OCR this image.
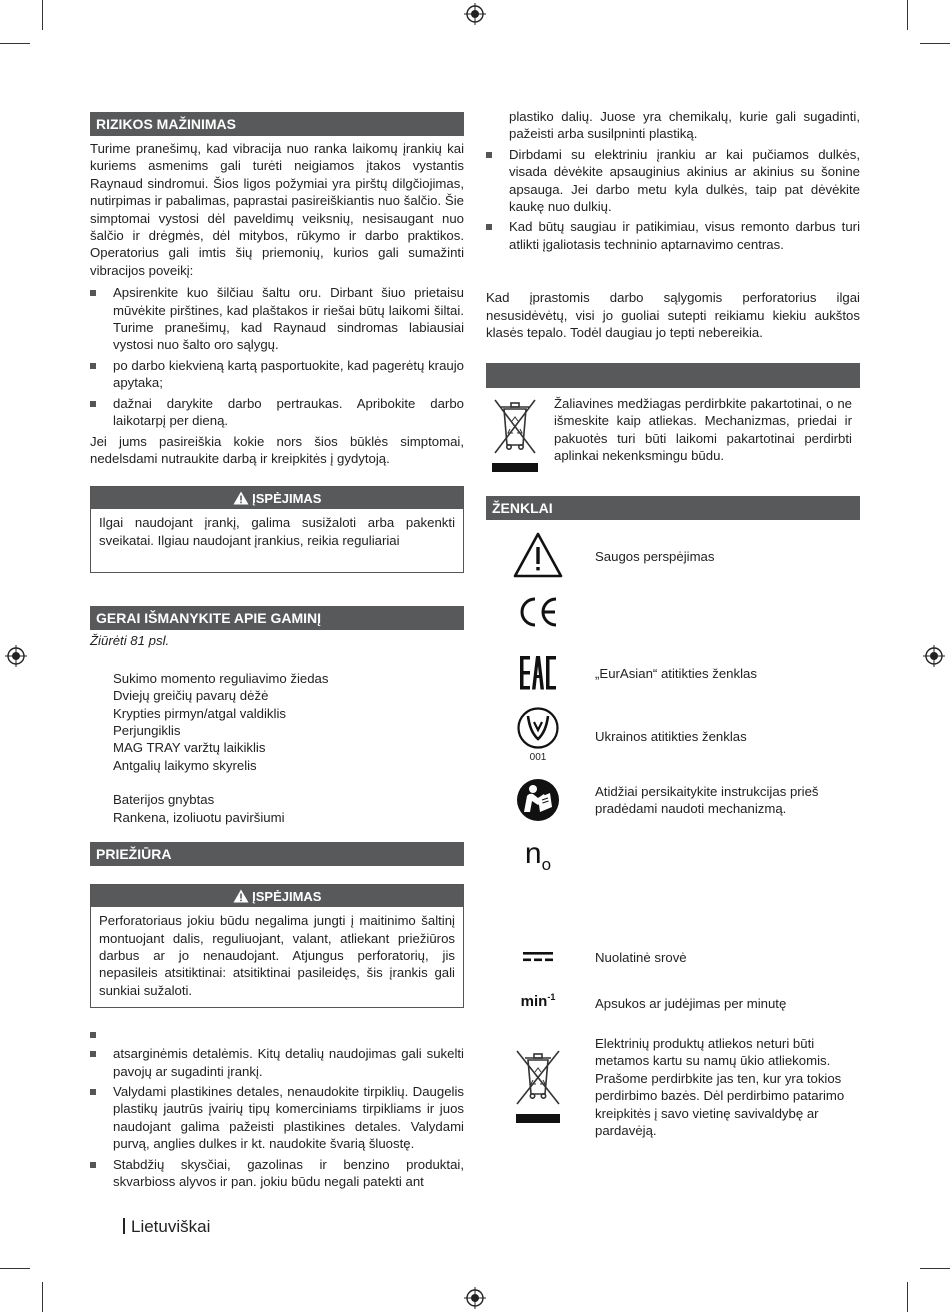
RIZIKOS MAŽINIMAS

Turime pranešimų, kad vibracija nuo ranka laikomų įrankių kai kuriems asmenims gali turėti neigiamos įtakos vystantis Raynaud sindromui. Šios ligos požymiai yra pirštų dilgčiojimas, nutirpimas ir pabalimas, paprastai pasireiškiantis nuo šalčio. Šie simptomai vystosi dėl paveldimų veiksnių, nesisaugant nuo šalčio ir drėgmės, dėl mitybos, rūkymo ir darbo praktikos. Operatorius gali imtis šių priemonių, kurios gali sumažinti vibracijos poveikį:

Apsirenkite kuo šilčiau šaltu oru. Dirbant šiuo prietaisu mūvėkite pirštines, kad plaštakos ir riešai būtų laikomi šiltai. Turime pranešimų, kad Raynaud sindromas labiausiai vystosi nuo šalto oro sąlygų.
po darbo kiekvieną kartą pasportuokite, kad pagerėtų kraujo apytaka;
dažnai darykite darbo pertraukas. Apribokite darbo laikotarpį per dieną.

Jei jums pasireiškia kokie nors šios būklės simptomai, nedelsdami nutraukite darbą ir kreipkitės į gydytoją.

ĮSPĖJIMAS
Ilgai naudojant įrankį, galima susižaloti arba pakenkti sveikatai. Ilgiau naudojant įrankius, reikia reguliariai
GERAI IŠMANYKITE APIE GAMINĮ
Žiūrėti 81 psl.
Sukimo momento reguliavimo žiedas
Dviejų greičių pavarų dėžė
Krypties pirmyn/atgal valdiklis
Perjungiklis
MAG TRAY varžtų laikiklis
Antgalių laikymo skyrelis
Baterijos gnybtas
Rankena, izoliuotu paviršiumi
PRIEŽIŪRA
ĮSPĖJIMAS
Perforatoriaus jokiu būdu negalima jungti į maitinimo šaltinį montuojant dalis, reguliuojant, valant, atliekant priežiūros darbus ar jo nenaudojant. Atjungus perforatorių, jis nepasileis atsitiktinai: atsitiktinai pasileidęs, šis įrankis gali sunkiai sužaloti.
atsarginėmis detalėmis. Kitų detalių naudojimas gali sukelti pavojų ar sugadinti įrankį.
Valydami plastikines detales, nenaudokite tirpiklių. Daugelis plastikų jautrūs įvairių tipų komerciniams tirpikliams ir juos naudojant galima pažeisti plastikines detales. Valydami purvą, anglies dulkes ir kt. naudokite švarią šluostę.
Stabdžių skysčiai, gazolinas ir benzino produktai, skvarbioss alyvos ir pan. jokiu būdu negali patekti ant
plastiko dalių. Juose yra chemikalų, kurie gali sugadinti, pažeisti arba susilpninti plastiką.
Dirbdami su elektriniu įrankiu ar kai pučiamos dulkės, visada dėvėkite apsauginius akinius ar akinius su šonine apsauga. Jei darbo metu kyla dulkės, taip pat dėvėkite kaukę nuo dulkių.
Kad būtų saugiau ir patikimiau, visus remonto darbus turi atlikti įgaliotasis techninio aptarnavimo centras.

Kad įprastomis darbo sąlygomis perforatorius ilgai nesusidėvėtų, visi jo guoliai sutepti reikiamu kiekiu aukštos klasės tepalo. Todėl daugiau jo tepti nebereikia.

Žaliavines medžiagas perdirbkite pakartotinai, o ne išmeskite kaip atliekas. Mechanizmas, priedai ir pakuotės turi būti laikomi pakartotinai perdirbti aplinkai nekenksmingu būdu.
ŽENKLAI
Saugos perspėjimas
„EurAsian“ atitikties ženklas
001
Ukrainos atitikties ženklas
Atidžiai persikaitykite instrukcijas prieš pradėdami naudoti mechanizmą.
$n_o$
Nuolatinė srovė
$\min^{-1}$	Apsukos ar judėjimas per minutę
Elektrinių produktų atliekos neturi būti metamos kartu su namų ūkio atliekomis. Prašome perdirbkite jas ten, kur yra tokios perdirbimo bazės. Dėl perdirbimo patarimo kreipkitės į savo vietinę savivaldybę ar pardavėją.
Lietuviškai
